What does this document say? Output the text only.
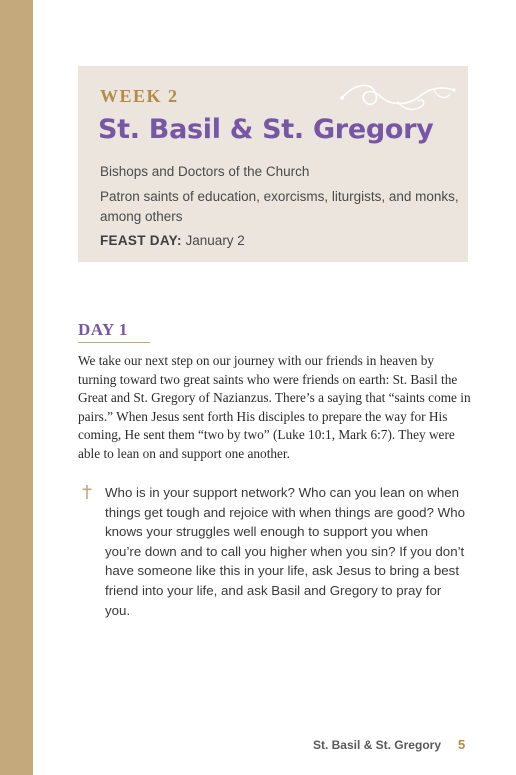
WEEK 2

St. Basil & St. Gregory

Bishops and Doctors of the Church

Patron saints of education, exorcisms, liturgists, and monks, among others

FEAST DAY: January 2

DAY 1

We take our next step on our journey with our friends in heaven by turning toward two great saints who were friends on earth: St. Basil the Great and St. Gregory of Nazianzus. There’s a saying that “saints come in pairs.” When Jesus sent forth His disciples to prepare the way for His coming, He sent them “two by two” (Luke 10:1, Mark 6:7). They were able to lean on and support one another.

Who is in your support network? Who can you lean on when things get tough and rejoice with when things are good? Who knows your struggles well enough to support you when you’re down and to call you higher when you sin? If you don’t have someone like this in your life, ask Jesus to bring a best friend into your life, and ask Basil and Gregory to pray for you.

St. Basil & St. Gregory 5
